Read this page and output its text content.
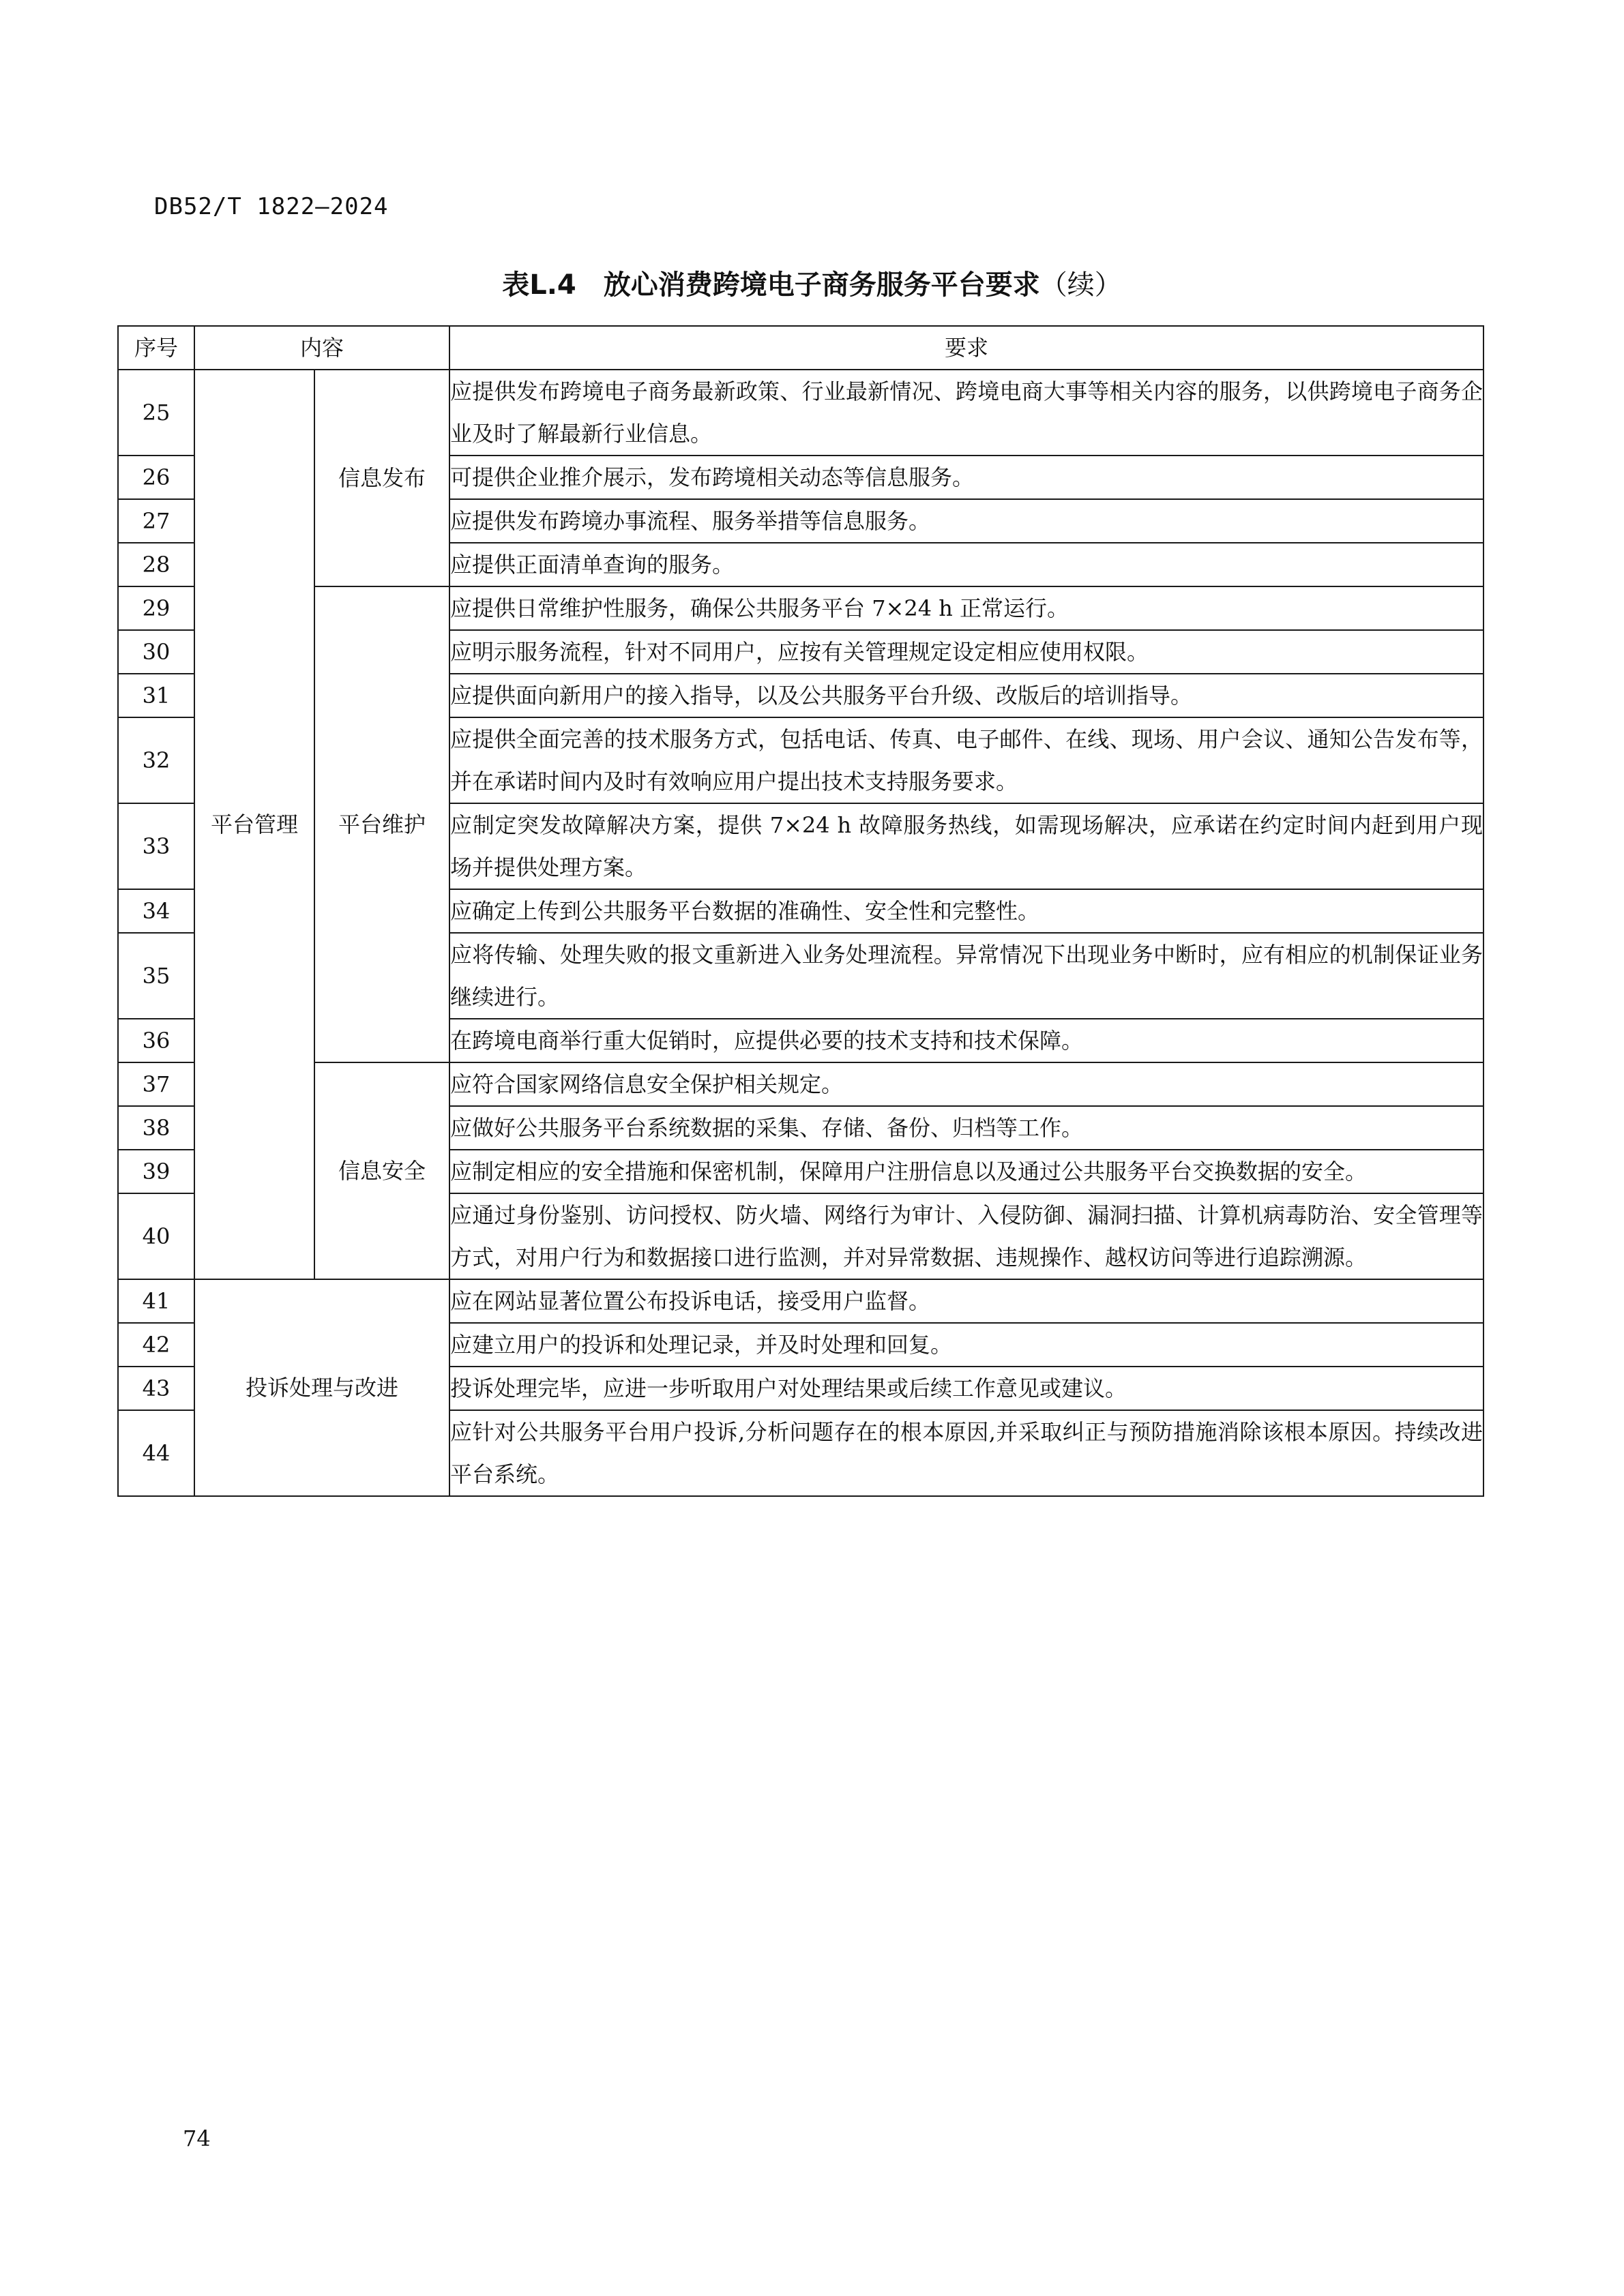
DB52/T 1822—2024
表L.4　放心消费跨境电子商务服务平台要求（续）
序号	内容		要求
25	平台管理	信息发布	应提供发布跨境电子商务最新政策、行业最新情况、跨境电商大事等相关内容的服务，以供跨境电子商务企业及时了解最新行业信息。
26			可提供企业推介展示，发布跨境相关动态等信息服务。
27			应提供发布跨境办事流程、服务举措等信息服务。
28			应提供正面清单查询的服务。
29		平台维护	应提供日常维护性服务，确保公共服务平台 7×24 h 正常运行。
30			应明示服务流程，针对不同用户，应按有关管理规定设定相应使用权限。
31			应提供面向新用户的接入指导，以及公共服务平台升级、改版后的培训指导。
32			应提供全面完善的技术服务方式，包括电话、传真、电子邮件、在线、现场、用户会议、通知公告发布等，并在承诺时间内及时有效响应用户提出技术支持服务要求。
33			应制定突发故障解决方案，提供 7×24 h 故障服务热线，如需现场解决，应承诺在约定时间内赶到用户现场并提供处理方案。
34			应确定上传到公共服务平台数据的准确性、安全性和完整性。
35			应将传输、处理失败的报文重新进入业务处理流程。异常情况下出现业务中断时，应有相应的机制保证业务继续进行。
36			在跨境电商举行重大促销时，应提供必要的技术支持和技术保障。
37		信息安全	应符合国家网络信息安全保护相关规定。
38			应做好公共服务平台系统数据的采集、存储、备份、归档等工作。
39			应制定相应的安全措施和保密机制，保障用户注册信息以及通过公共服务平台交换数据的安全。
40			应通过身份鉴别、访问授权、防火墙、网络行为审计、入侵防御、漏洞扫描、计算机病毒防治、安全管理等方式，对用户行为和数据接口进行监测，并对异常数据、违规操作、越权访问等进行追踪溯源。
41	投诉处理与改进		应在网站显著位置公布投诉电话，接受用户监督。
42			应建立用户的投诉和处理记录，并及时处理和回复。
43			投诉处理完毕，应进一步听取用户对处理结果或后续工作意见或建议。
44			应针对公共服务平台用户投诉,分析问题存在的根本原因,并采取纠正与预防措施消除该根本原因。持续改进平台系统。
74
